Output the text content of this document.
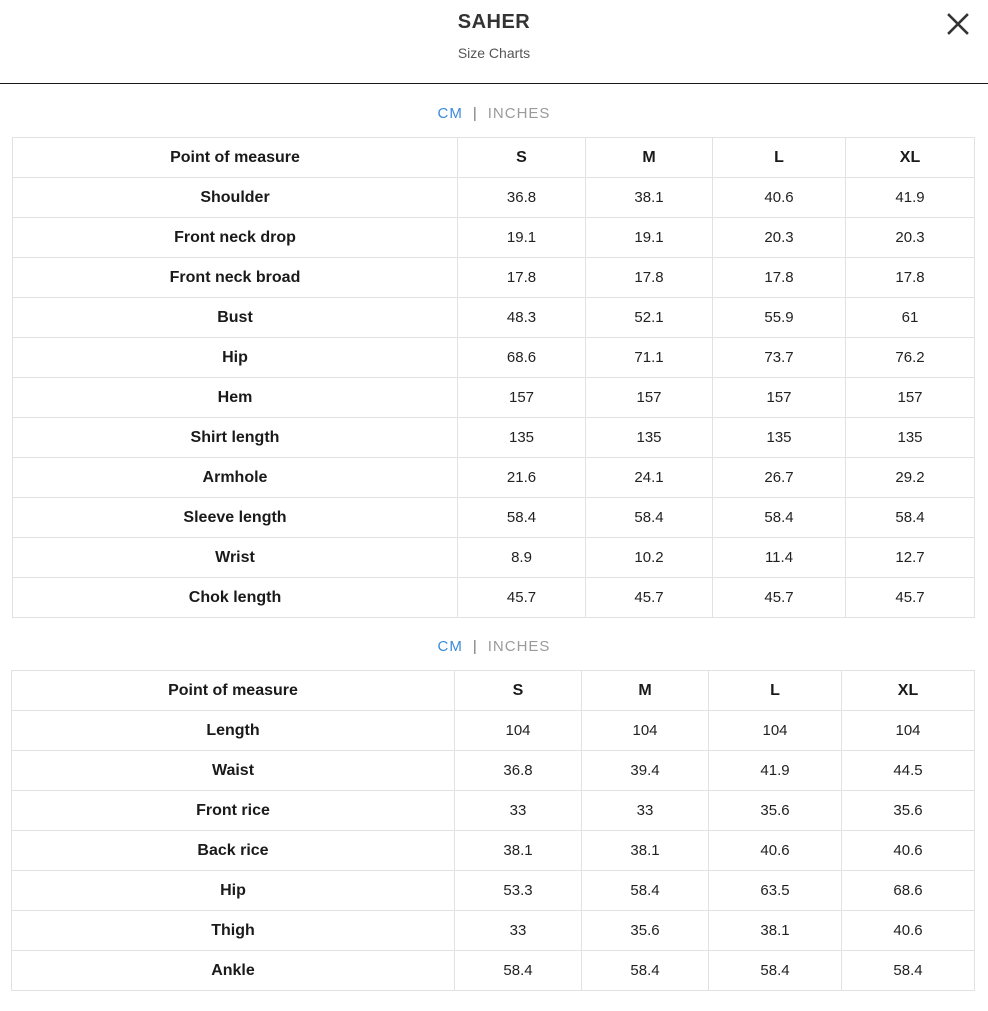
SAHER
Size Charts
CM | INCHES
Point of measure	S	M	L	XL
Shoulder	36.8	38.1	40.6	41.9
Front neck drop	19.1	19.1	20.3	20.3
Front neck broad	17.8	17.8	17.8	17.8
Bust	48.3	52.1	55.9	61
Hip	68.6	71.1	73.7	76.2
Hem	157	157	157	157
Shirt length	135	135	135	135
Armhole	21.6	24.1	26.7	29.2
Sleeve length	58.4	58.4	58.4	58.4
Wrist	8.9	10.2	11.4	12.7
Chok length	45.7	45.7	45.7	45.7
CM | INCHES
Point of measure	S	M	L	XL
Length	104	104	104	104
Waist	36.8	39.4	41.9	44.5
Front rice	33	33	35.6	35.6
Back rice	38.1	38.1	40.6	40.6
Hip	53.3	58.4	63.5	68.6
Thigh	33	35.6	38.1	40.6
Ankle	58.4	58.4	58.4	58.4
